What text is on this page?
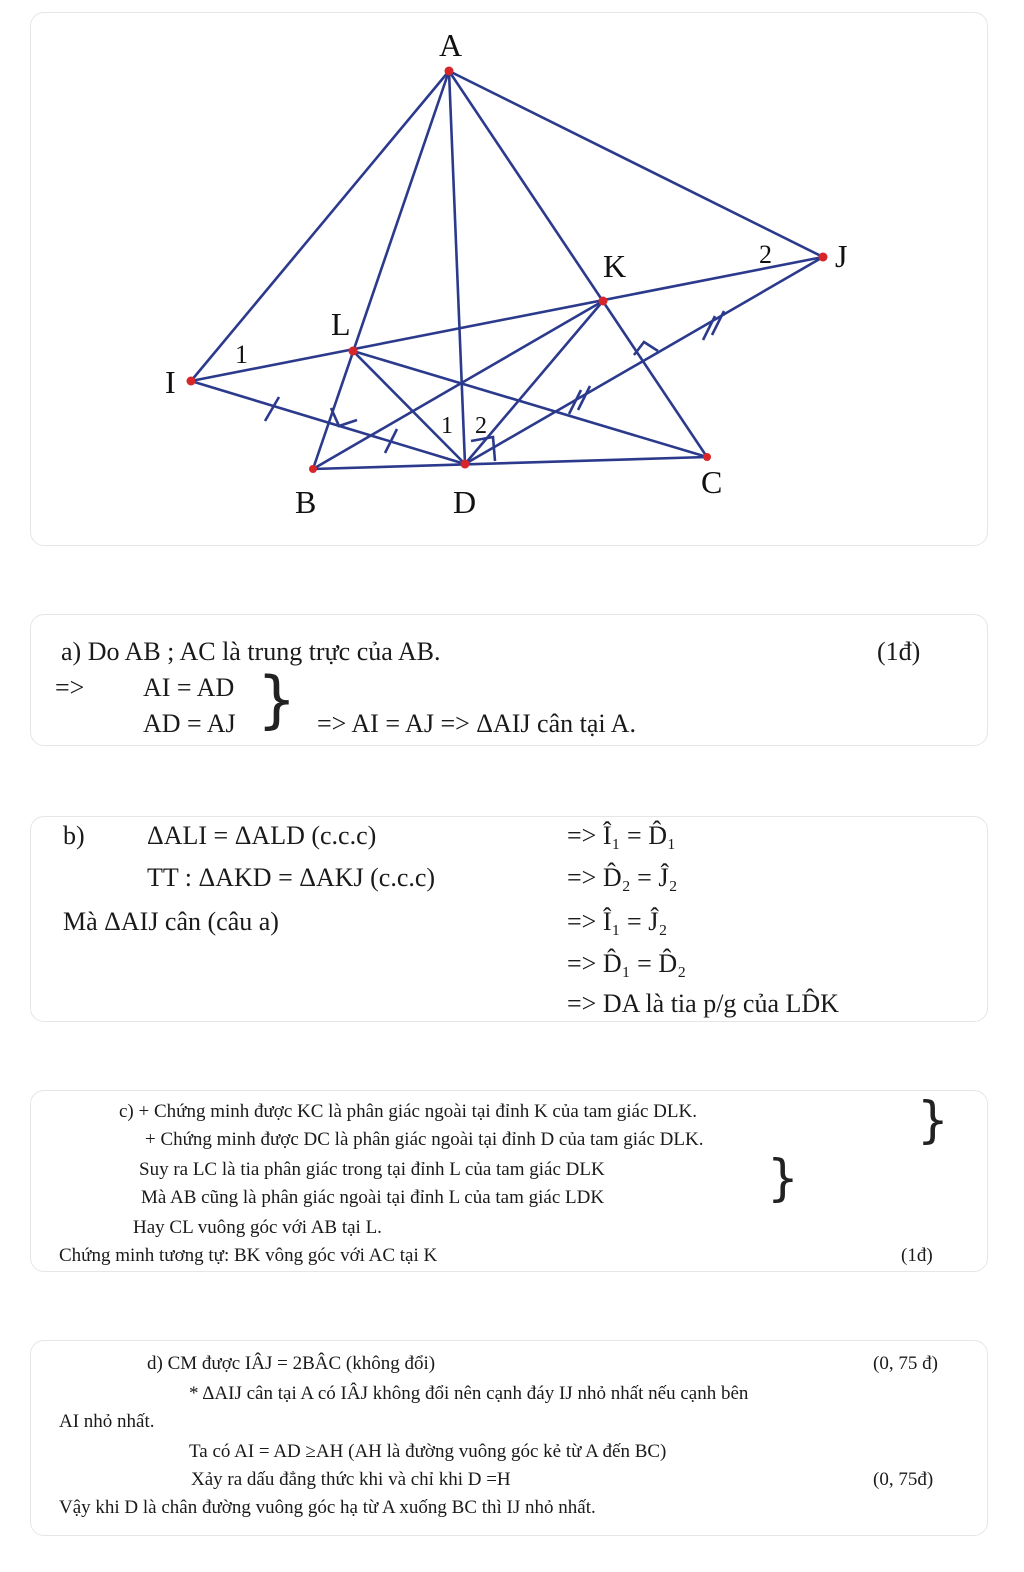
A
I
J
K
L
B
C
D
1
2
1 2
a) Do AB ; AC là trung trực của AB.	(1đ)
=> AI = AD
AD = AJ } => AI = AJ => ΔAIJ cân tại A.
b) ΔALI = ΔALD (c.c.c)	=> Î₁ = D̂₁
TT : ΔAKD = ΔAKJ (c.c.c)	=> D̂₂ = Ĵ₂
Mà ΔAIJ cân (câu a)	=> Î₁ = Ĵ₂
=> D̂₁ = D̂₂
=> DA là tia p/g của LD̂K
c) + Chứng minh được KC là phân giác ngoài tại đỉnh K của tam giác DLK.
+ Chứng minh được DC là phân giác ngoài tại đỉnh D của tam giác DLK.	}
Suy ra LC là tia phân giác trong tại đỉnh L của tam giác DLK
Mà AB cũng là phân giác ngoài tại đỉnh L của tam giác LDK	}
Hay CL vuông góc với AB tại L.
Chứng minh tương tự: BK vông góc với AC tại K	(1đ)
d) CM được IÂJ = 2BÂC (không đổi)	(0, 75 đ)
* ΔAIJ cân tại A có IÂJ không đổi nên cạnh đáy IJ nhỏ nhất nếu cạnh bên
AI nhỏ nhất.
Ta có AI = AD ≥AH (AH là đường vuông góc kẻ từ A đến BC)
Xảy ra dấu đẳng thức khi và chỉ khi D =H	(0, 75đ)
Vậy khi D là chân đường vuông góc hạ từ A xuống BC thì IJ nhỏ nhất.
